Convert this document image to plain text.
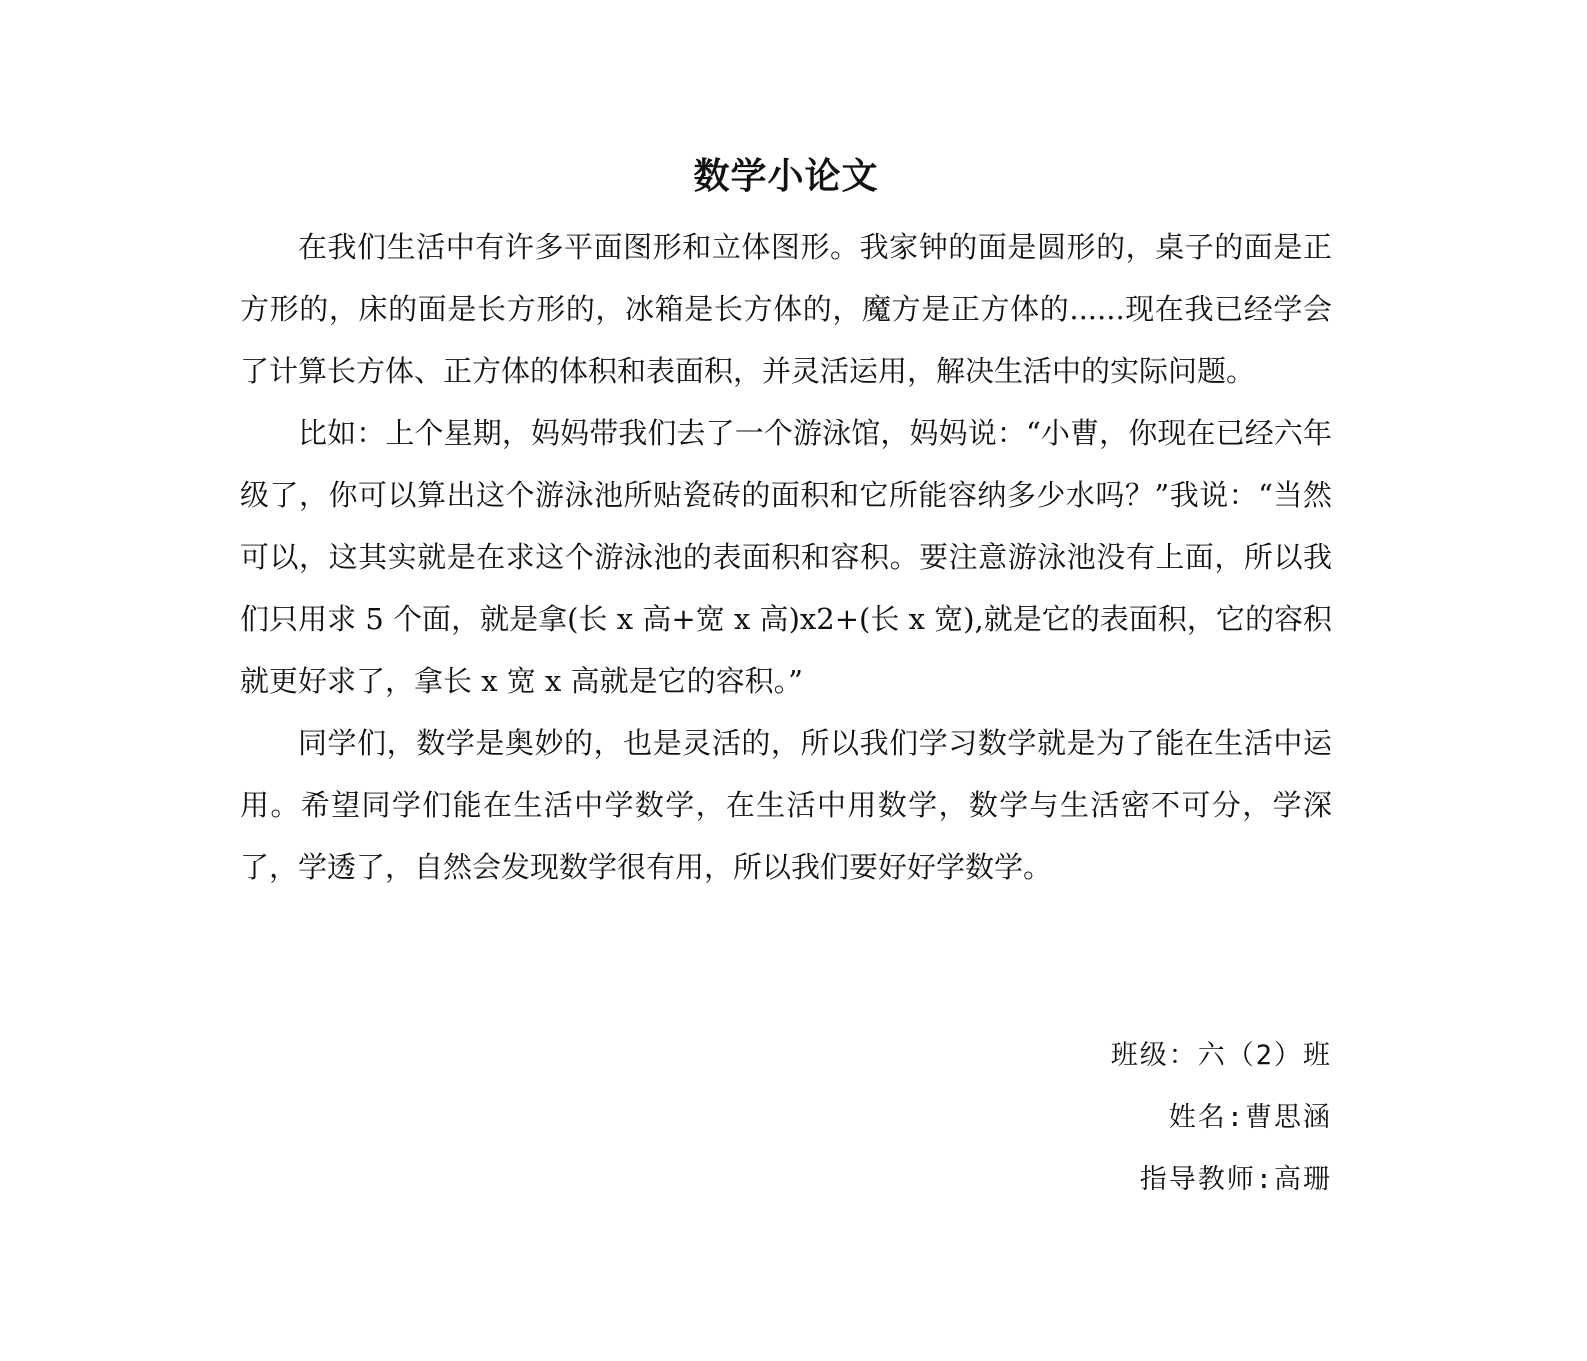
数学小论文

在我们生活中有许多平面图形和立体图形。我家钟的面是圆形的，桌子的面是正方形的，床的面是长方形的，冰箱是长方体的，魔方是正方体的......现在我已经学会了计算长方体、正方体的体积和表面积，并灵活运用，解决生活中的实际问题。

比如：上个星期，妈妈带我们去了一个游泳馆，妈妈说：“小曹，你现在已经六年级了，你可以算出这个游泳池所贴瓷砖的面积和它所能容纳多少水吗？”我说：“当然可以，这其实就是在求这个游泳池的表面积和容积。要注意游泳池没有上面，所以我们只用求 5 个面，就是拿(长 x 高+宽 x 高)x2+(长 x 宽),就是它的表面积，它的容积就更好求了，拿长 x 宽 x 高就是它的容积。”

同学们，数学是奥妙的，也是灵活的，所以我们学习数学就是为了能在生活中运用。希望同学们能在生活中学数学，在生活中用数学，数学与生活密不可分，学深了，学透了，自然会发现数学很有用，所以我们要好好学数学。

班级：六（2）班
姓名:曹思涵
指导教师:高珊
